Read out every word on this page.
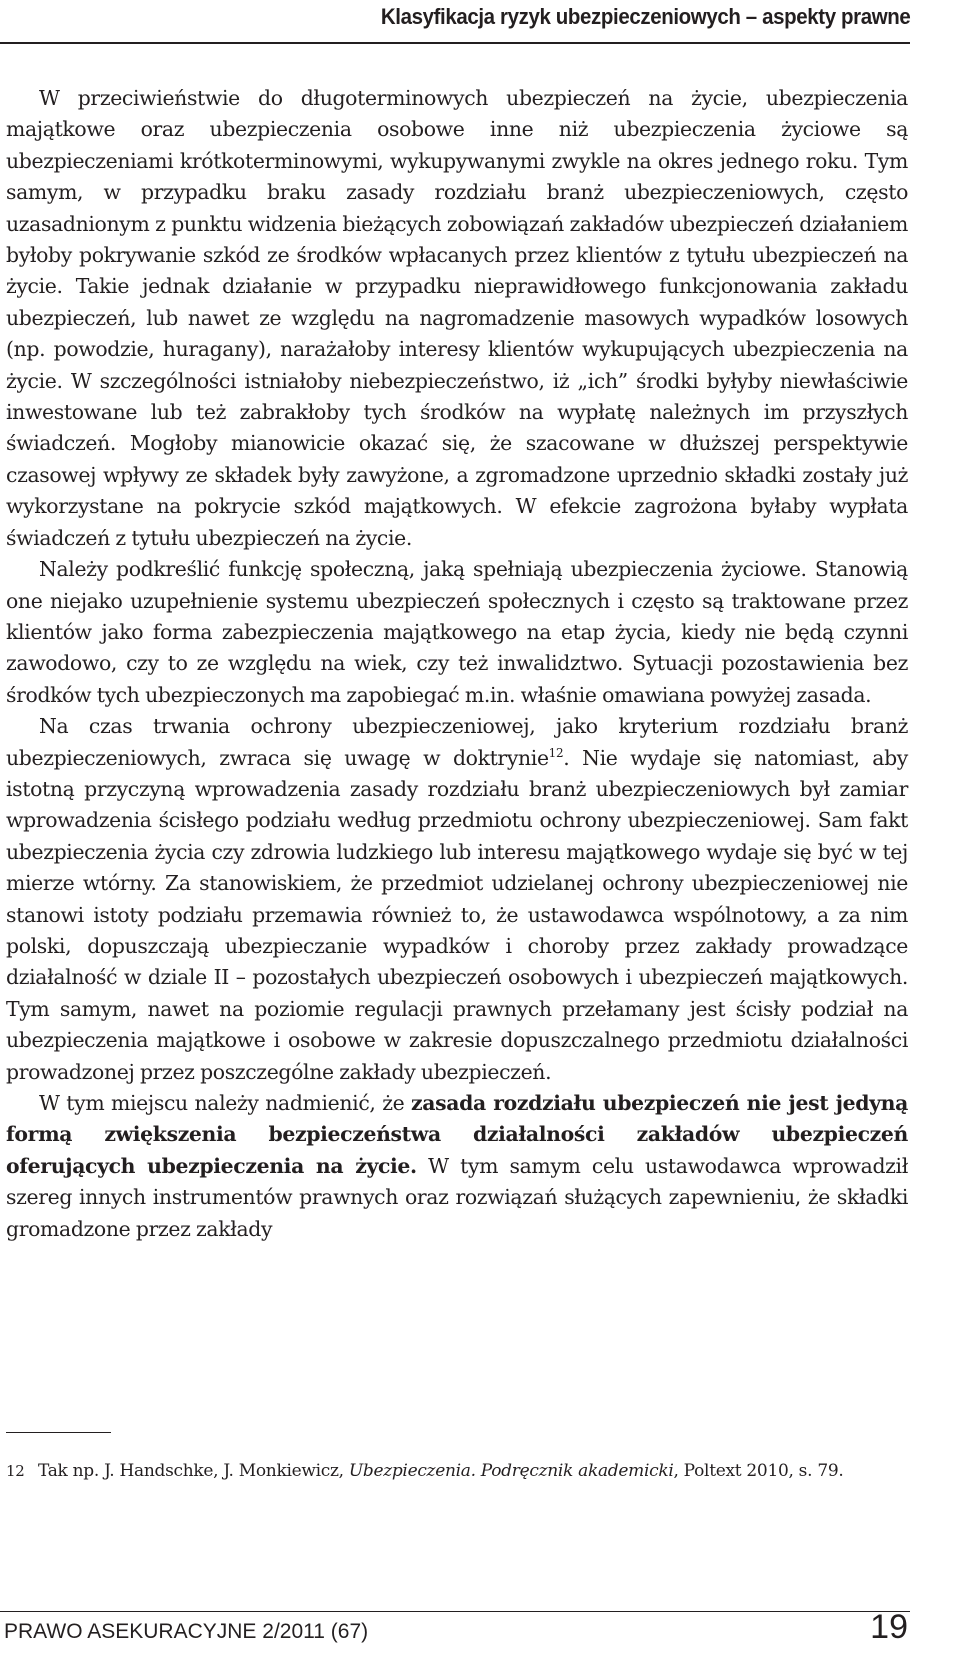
Klasyfikacja ryzyk ubezpieczeniowych – aspekty prawne

W przeciwieństwie do długoterminowych ubezpieczeń na życie, ubezpieczenia majątkowe oraz ubezpieczenia osobowe inne niż ubezpieczenia życiowe są ubezpieczeniami krótkoterminowymi, wykupywanymi zwykle na okres jednego roku. Tym samym, w przypadku braku zasady rozdziału branż ubezpieczeniowych, często uzasadnionym z punktu widzenia bieżących zobowiązań zakładów ubezpieczeń działaniem byłoby pokrywanie szkód ze środków wpłacanych przez klientów z tytułu ubezpieczeń na życie. Takie jednak działanie w przypadku nieprawidłowego funkcjonowania zakładu ubezpieczeń, lub nawet ze względu na nagromadzenie masowych wypadków losowych (np. powodzie, huragany), narażałoby interesy klientów wykupujących ubezpieczenia na życie. W szczególności istniałoby niebezpieczeństwo, iż „ich” środki byłyby niewłaściwie inwestowane lub też zabrakłoby tych środków na wypłatę należnych im przyszłych świadczeń. Mogłoby mianowicie okazać się, że szacowane w dłuższej perspektywie czasowej wpływy ze składek były zawyżone, a zgromadzone uprzednio składki zostały już wykorzystane na pokrycie szkód majątkowych. W efekcie zagrożona byłaby wypłata świadczeń z tytułu ubezpieczeń na życie.

Należy podkreślić funkcję społeczną, jaką spełniają ubezpieczenia życiowe. Stanowią one niejako uzupełnienie systemu ubezpieczeń społecznych i często są traktowane przez klientów jako forma zabezpieczenia majątkowego na etap życia, kiedy nie będą czynni zawodowo, czy to ze względu na wiek, czy też inwalidztwo. Sytuacji pozostawienia bez środków tych ubezpieczonych ma zapobiegać m.in. właśnie omawiana powyżej zasada.

Na czas trwania ochrony ubezpieczeniowej, jako kryterium rozdziału branż ubezpieczeniowych, zwraca się uwagę w doktrynie$^{12}$. Nie wydaje się natomiast, aby istotną przyczyną wprowadzenia zasady rozdziału branż ubezpieczeniowych był zamiar wprowadzenia ścisłego podziału według przedmiotu ochrony ubezpieczeniowej. Sam fakt ubezpieczenia życia czy zdrowia ludzkiego lub interesu majątkowego wydaje się być w tej mierze wtórny. Za stanowiskiem, że przedmiot udzielanej ochrony ubezpieczeniowej nie stanowi istoty podziału przemawia również to, że ustawodawca wspólnotowy, a za nim polski, dopuszczają ubezpieczanie wypadków i choroby przez zakłady prowadzące działalność w dziale II – pozostałych ubezpieczeń osobowych i ubezpieczeń majątkowych. Tym samym, nawet na poziomie regulacji prawnych przełamany jest ścisły podział na ubezpieczenia majątkowe i osobowe w zakresie dopuszczalnego przedmiotu działalności prowadzonej przez poszczególne zakłady ubezpieczeń.

W tym miejscu należy nadmienić, że zasada rozdziału ubezpieczeń nie jest jedyną formą zwiększenia bezpieczeństwa działalności zakładów ubezpieczeń oferujących ubezpieczenia na życie. W tym samym celu ustawodawca wprowadził szereg innych instrumentów prawnych oraz rozwiązań służących zapewnieniu, że składki gromadzone przez zakłady

12 Tak np. J. Handschke, J. Monkiewicz, Ubezpieczenia. Podręcznik akademicki, Poltext 2010, s. 79.
PRAWO ASEKURACYJNE 2/2011 (67)	19
